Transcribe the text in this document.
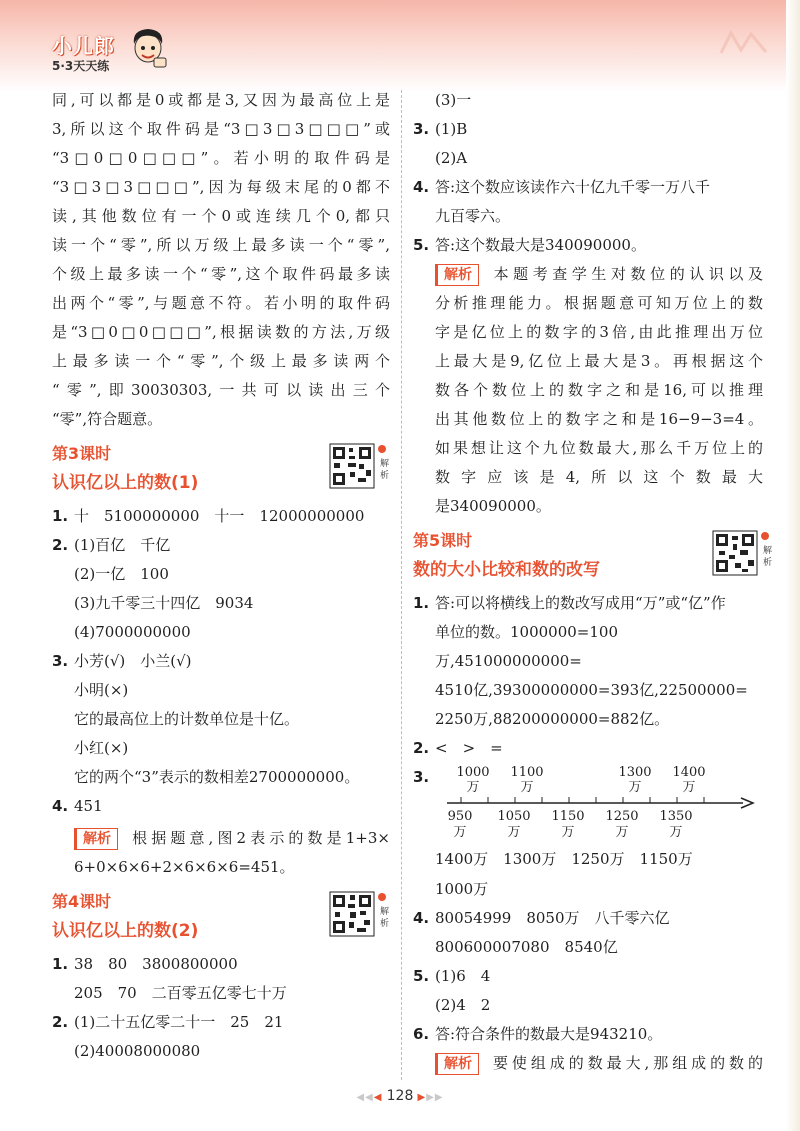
小儿郎
5·3天天练

同,可以都是0或都是3,又因为最高位上是

3,所以这个取件码是“3□3□3□□□”或

“3□0□0□□□”。若小明的取件码是

“3□3□3□□□”,因为每级末尾的0都不

读,其他数位有一个0或连续几个0,都只

读一个“零”,所以万级上最多读一个“零”,

个级上最多读一个“零”,这个取件码最多读

出两个“零”,与题意不符。若小明的取件码

是“3□0□0□□□”,根据读数的方法,万级

上最多读一个“零”,个级上最多读两个

“零”,即30030303,一共可以读出三个

“零”,符合题意。

第3课时
认识亿以上的数(1)
解
析
1. 十　5100000000　十一　12000000000
2. (1)百亿　千亿
(2)一亿　100
(3)九千零三十四亿　9034
(4)7000000000
3. 小芳(√)　小兰(√)
小明(×)
它的最高位上的计数单位是十亿。
小红(×)
它的两个“3”表示的数相差2700000000。
4. 451

解析 根据题意,图2表示的数是1+3×

6+0×6×6+2×6×6×6=451。

第4课时
认识亿以上的数(2)
解
析
1. 38　80　3800800000
205　70　二百零五亿零七十万
2. (1)二十五亿零二十一　25　21
(2)40008000080
(3)一
3. (1)B
(2)A
4. 答:这个数应该读作六十亿九千零一万八千
九百零六。
5. 答:这个数最大是340090000。

解析 本题考查学生对数位的认识以及

分析推理能力。根据题意可知万位上的数

字是亿位上的数字的3倍,由此推理出万位

上最大是9,亿位上最大是3。再根据这个

数各个数位上的数字之和是16,可以推理

出其他数位上的数字之和是16−9−3=4。

如果想让这个九位数最大,那么千万位上的

数字应该是4,所以这个数最大

是340090000。

第5课时
数的大小比较和数的改写
解
析
1. 答:可以将横线上的数改写成用“万”或“亿”作
单位的数。1000000=100万,451000000000=
4510亿,39300000000=393亿,22500000=
2250万,88200000000=882亿。
2. <　>　=
3.	1000
万
1100
万
1300
万
1400
万
950
万
1050
万
1150
万
1250
万
1350
万
1400万　1300万　1250万　1150万
1000万
4. 80054999　8050万　八千零六亿
800600007080　8540亿
5. (1)6　4
(2)4　2
6. 答:符合条件的数最大是943210。

解析 要使组成的数最大,那组成的数的

◀◀◀ 128 ▶▶▶
